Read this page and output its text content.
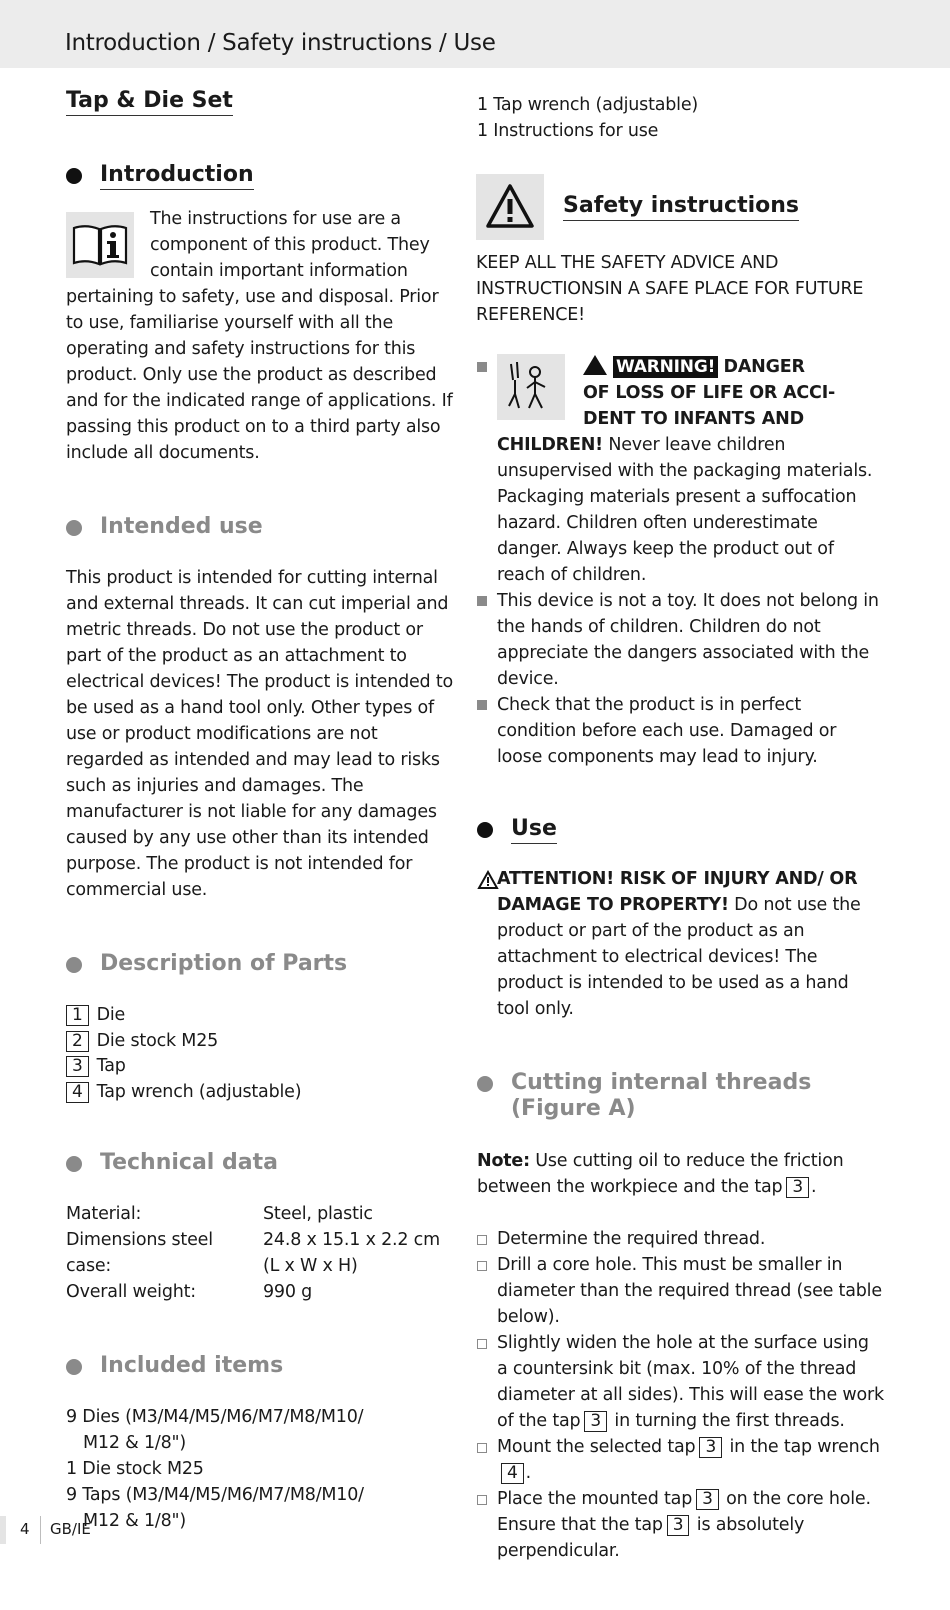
Introduction / Safety instructions / Use
Tap & Die Set
Introduction
The instructions for use are a component of this product. They contain important information pertaining to safety, use and disposal. Prior to use, familiarise yourself with all the operating and safety instructions for this product. Only use the product as described and for the indicated range of applications. If passing this product on to a third party also include all documents.
Intended use
This product is intended for cutting internal and external threads. It can cut imperial and metric threads. Do not use the product or part of the product as an attachment to electrical devices! The product is intended to be used as a hand tool only. Other types of use or product modifications are not regarded as intended and may lead to risks such as injuries and damages. The manufacturer is not liable for any damages caused by any use other than its intended purpose. The product is not intended for commercial use.
Description of Parts
1 Die
2 Die stock M25
3 Tap
4 Tap wrench (adjustable)
Technical data
Material:	Steel, plastic
Dimensions steel case:
24.8 x 15.1 x 2.2 cm
(L x W x H)
Overall weight:	990 g
Included items
9 Dies (M3/M4/M5/M6/M7/M8/M10/
M12 & 1/8")
1 Die stock M25
9 Taps (M3/M4/M5/M6/M7/M8/M10/
M12 & 1/8")
1 Tap wrench (adjustable)
1 Instructions for use
Safety instructions
KEEP ALL THE SAFETY ADVICE AND INSTRUCTIONSIN A SAFE PLACE FOR FUTURE REFERENCE!
WARNING! DANGER
OF LOSS OF LIFE OR ACCI-
DENT TO INFANTS AND
CHILDREN! Never leave children unsupervised with the packaging materials. Packaging materials present a suffocation hazard. Children often underestimate danger. Always keep the product out of reach of children.
This device is not a toy. It does not belong in the hands of children. Children do not appreciate the dangers associated with the device.
Check that the product is in perfect condition before each use. Damaged or loose components may lead to injury.
Use
ATTENTION! RISK OF INJURY AND/ OR DAMAGE TO PROPERTY! Do not use the product or part of the product as an attachment to electrical devices! The product is intended to be used as a hand tool only.
Cutting internal threads
(Figure A)
Note: Use cutting oil to reduce the friction between the workpiece and the tap 3 .
Determine the required thread.
Drill a core hole. This must be smaller in diameter than the required thread (see table below).
Slightly widen the hole at the surface using a countersink bit (max. 10% of the thread diameter at all sides). This will ease the work of the tap 3 in turning the first threads.
Mount the selected tap 3 in the tap wrench4 .
Place the mounted tap 3 on the core hole. Ensure that the tap 3 is absolutely perpendicular.
4 GB/IE
